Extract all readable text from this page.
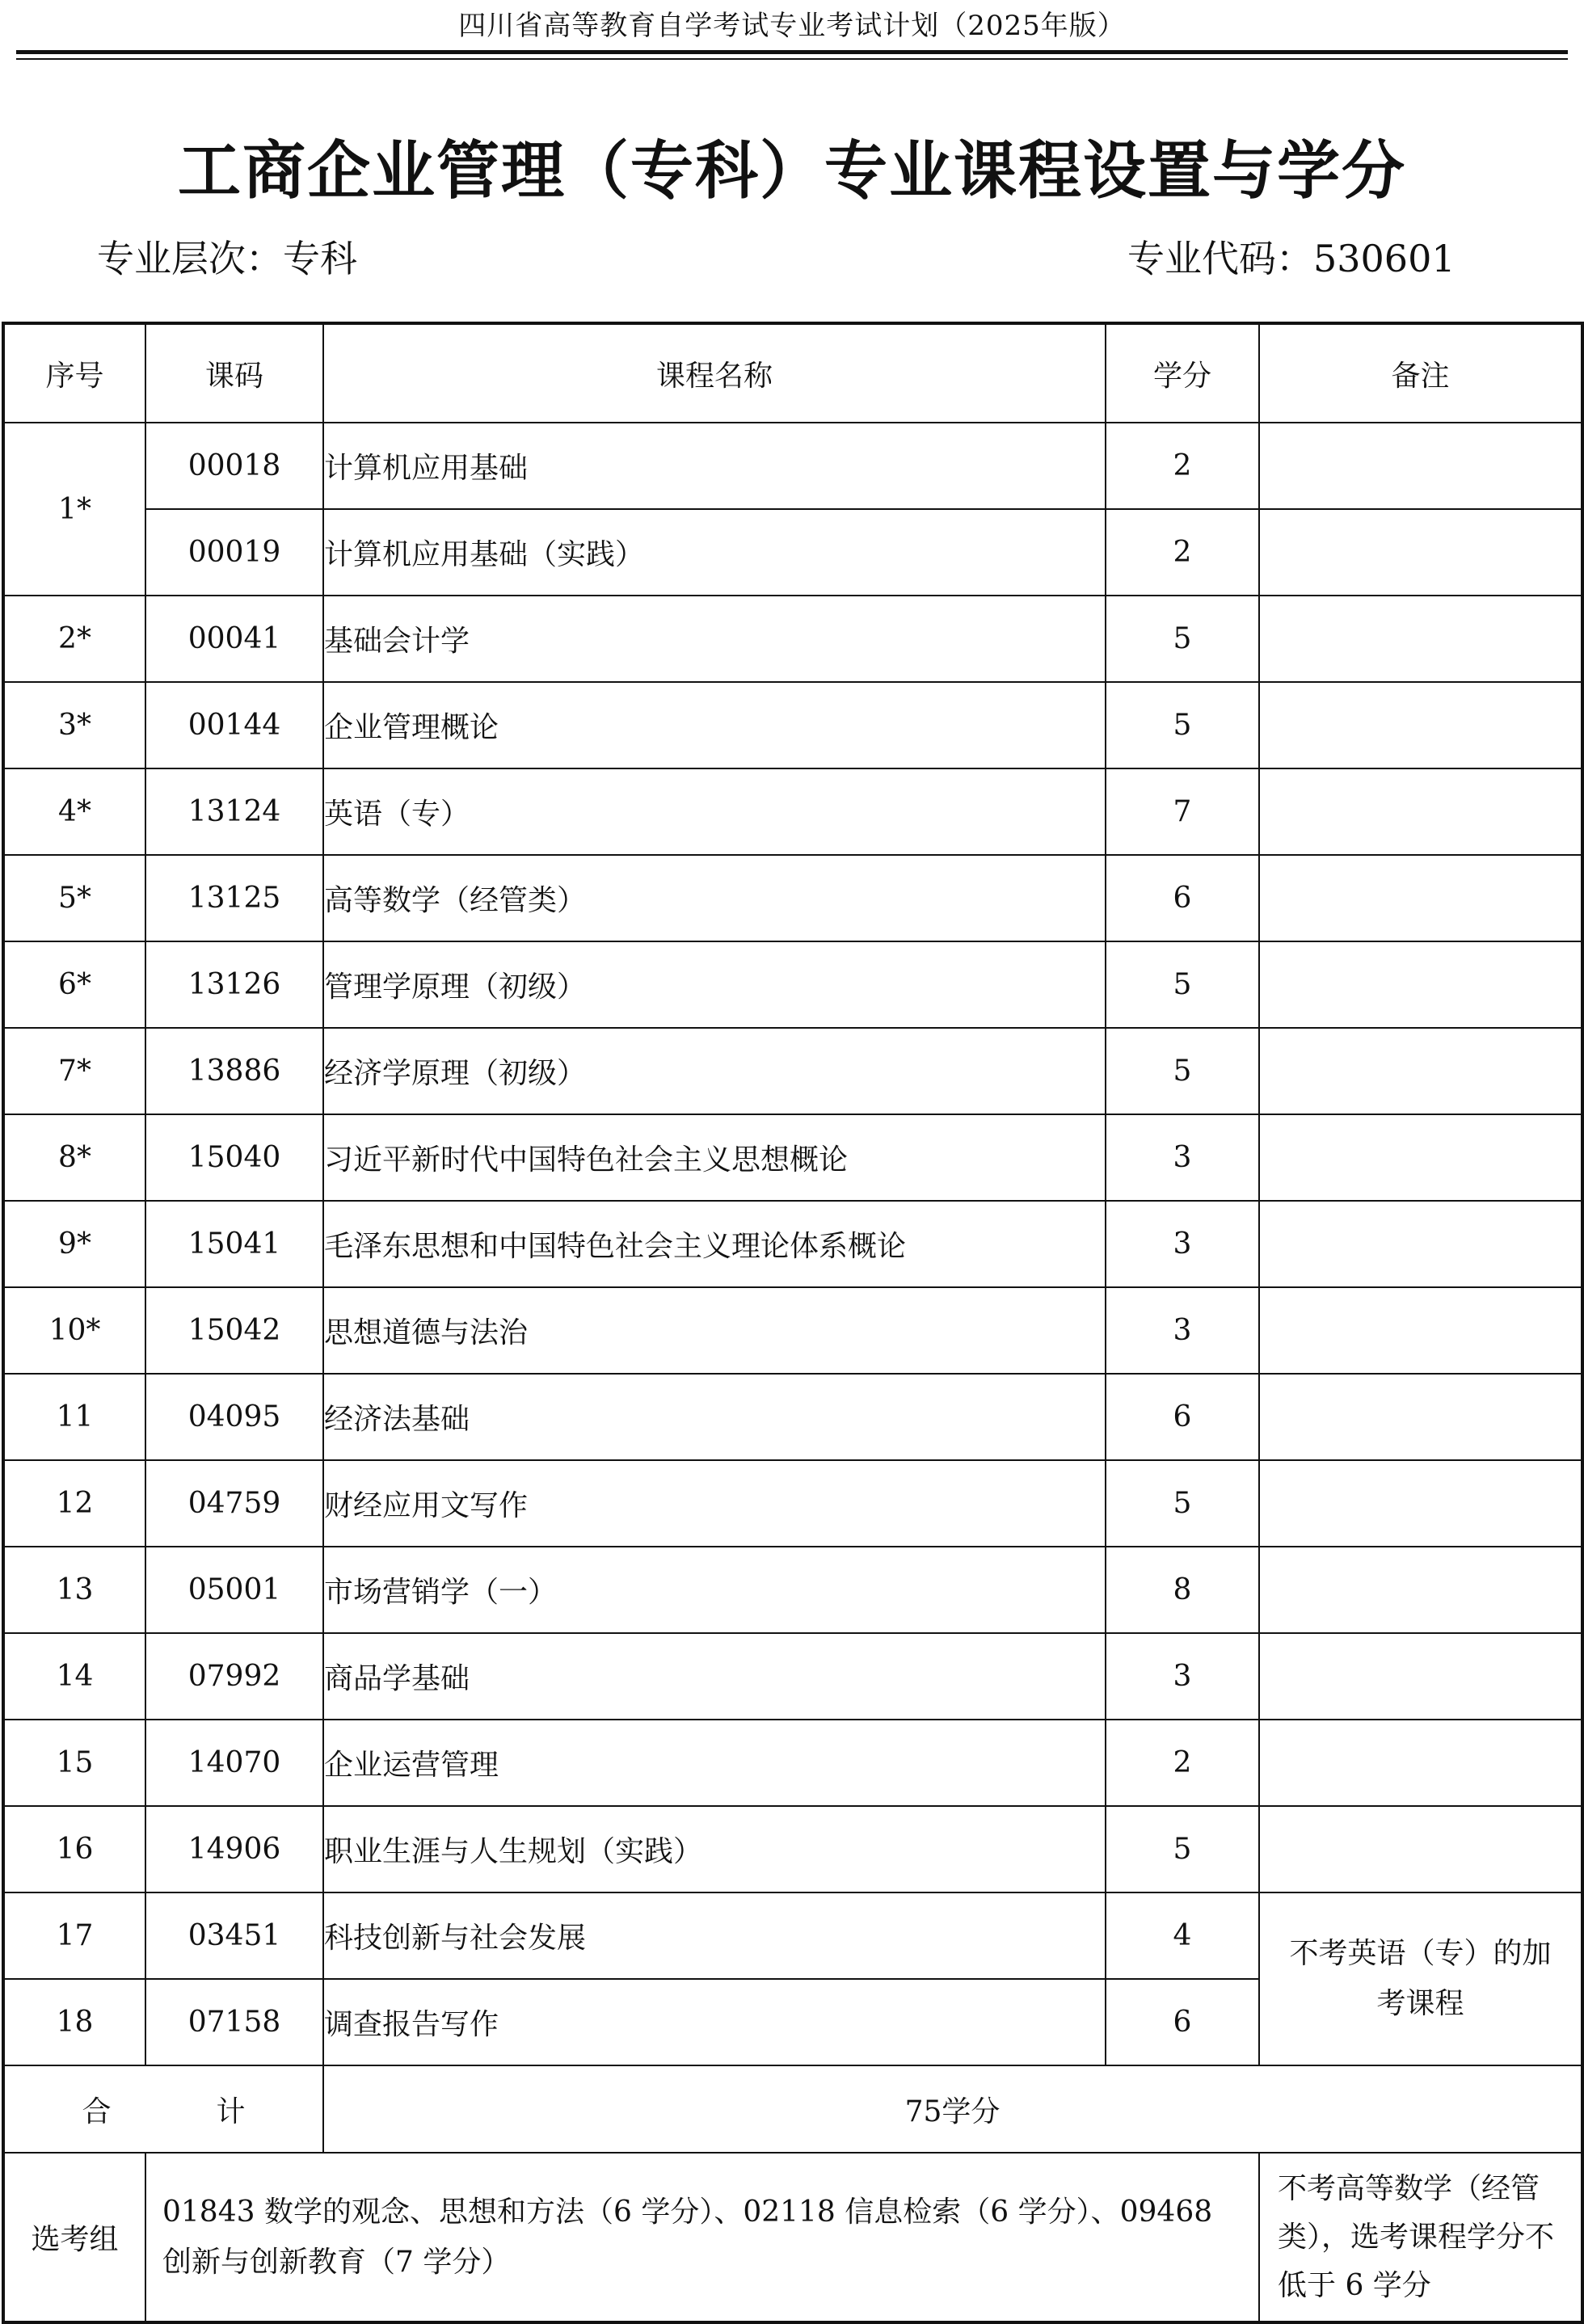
四川省高等教育自学考试专业考试计划（2025年版）
工商企业管理（专科）专业课程设置与学分
专业层次：专科	专业代码：530601
序号	课码	课程名称	学分	备注
1*	00018	计算机应用基础	2	
	00019	计算机应用基础（实践）	2	
2*	00041	基础会计学	5	
3*	00144	企业管理概论	5	
4*	13124	英语（专）	7	
5*	13125	高等数学（经管类）	6	
6*	13126	管理学原理（初级）	5	
7*	13886	经济学原理（初级）	5	
8*	15040	习近平新时代中国特色社会主义思想概论	3	
9*	15041	毛泽东思想和中国特色社会主义理论体系概论	3	
10*	15042	思想道德与法治	3	
11	04095	经济法基础	6	
12	04759	财经应用文写作	5	
13	05001	市场营销学（一）	8	
14	07992	商品学基础	3	
15	14070	企业运营管理	2	
16	14906	职业生涯与人生规划（实践）	5	
17	03451	科技创新与社会发展	4	不考英语（专）的加考课程
18	07158	调查报告写作	6	
合 计		75学分		
选考组	01843 数学的观念、思想和方法（6 学分）、02118 信息检索（6 学分）、09468 创新与创新教育（7 学分）			不考高等数学（经管类），选考课程学分不低于 6 学分
